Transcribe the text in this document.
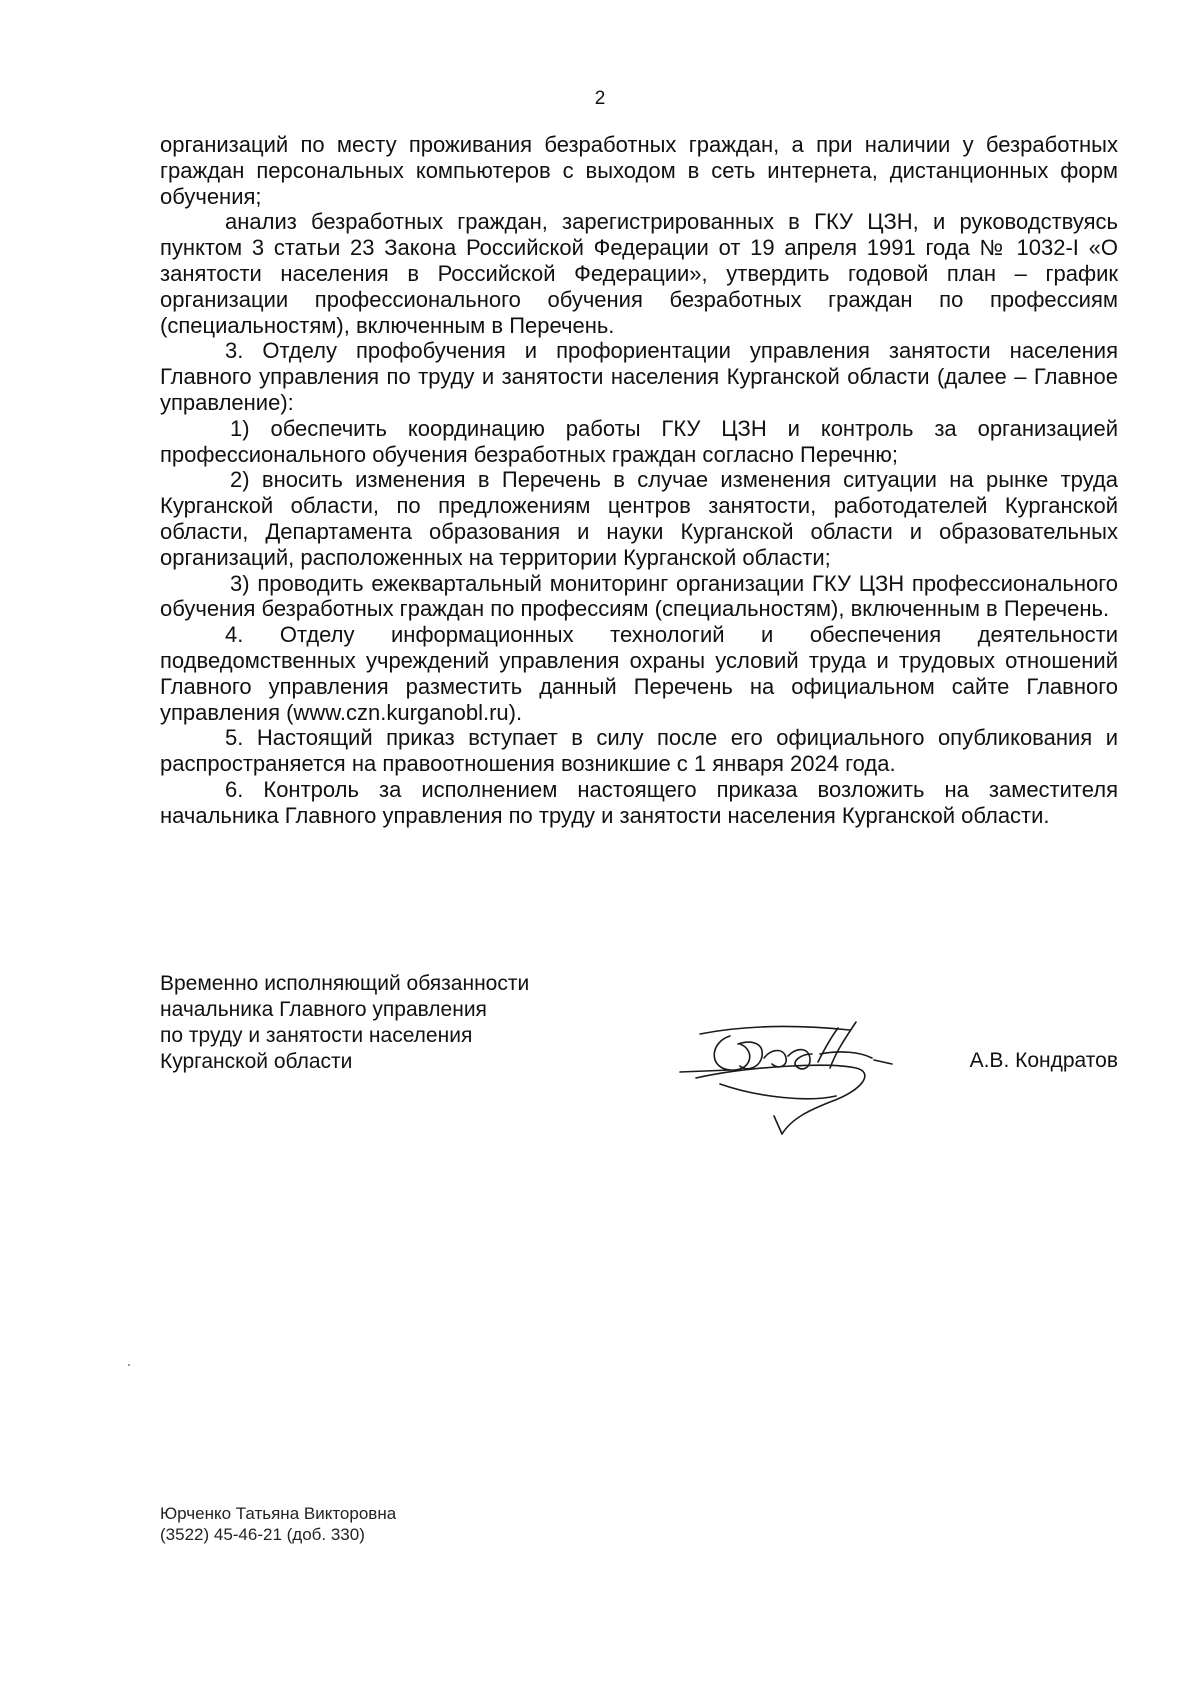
2

организаций по месту проживания безработных граждан, а при наличии у безработных граждан персональных компьютеров с выходом в сеть интернета, дистанционных форм обучения;

анализ безработных граждан, зарегистрированных в ГКУ ЦЗН, и руководствуясь пунктом 3 статьи 23 Закона Российской Федерации от 19 апреля 1991 года № 1032-I «О занятости населения в Российской Федерации», утвердить годовой план – график организации профессионального обучения безработных граждан по профессиям (специальностям), включенным в Перечень.

3. Отделу профобучения и профориентации управления занятости населения Главного управления по труду и занятости населения Курганской области (далее – Главное управление):

1) обеспечить координацию работы ГКУ ЦЗН и контроль за организацией профессионального обучения безработных граждан согласно Перечню;

2) вносить изменения в Перечень в случае изменения ситуации на рынке труда Курганской области, по предложениям центров занятости, работодателей Курганской области, Департамента образования и науки Курганской области и образовательных организаций, расположенных на территории Курганской области;

3) проводить ежеквартальный мониторинг организации ГКУ ЦЗН профессионального обучения безработных граждан по профессиям (специальностям), включенным в Перечень.

4. Отделу информационных технологий и обеспечения деятельности подведомственных учреждений управления охраны условий труда и трудовых отношений Главного управления разместить данный Перечень на официальном сайте Главного управления (www.czn.kurganobl.ru).

5. Настоящий приказ вступает в силу после его официального опубликования и распространяется на правоотношения возникшие с 1 января 2024 года.

6. Контроль за исполнением настоящего приказа возложить на заместителя начальника Главного управления по труду и занятости населения Курганской области.

Временно исполняющий обязанности
начальника Главного управления
по труду и занятости населения
Курганской области	А.В. Кондратов
Юрченко Татьяна Викторовна
(3522) 45-46-21 (доб. 330)
